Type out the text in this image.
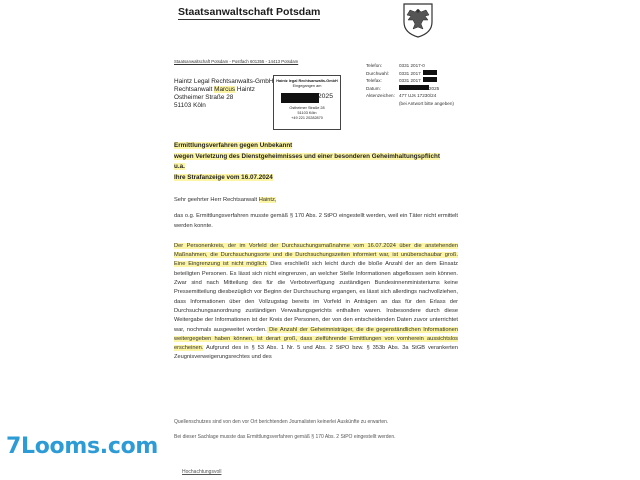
Staatsanwaltschaft Potsdam
Staatsanwaltschaft Potsdam - Postfach 601355 - 14413 Potsdam
Haintz Legal Rechtsanwalts-GmbH
Rechtsanwalt Marcus Haintz
Ostheimer Straße 28
51103 Köln
Haintz legal Rechtsanwalts-GmbH
Eingegangen am
2025
Ostheimer Straße 28
51103 Köln
+49 221 20282870
Telefon:	0331 2017-0
Durchwahl:	0331 2017
Telefax:	0331 2017
Datum:	2025
Aktenzeichen: 477 UJs 17230/24
(bei Antwort bitte angeben)
Ermittlungsverfahren gegen Unbekannt
wegen Verletzung des Dienstgeheimnisses und einer besonderen Geheimhaltungspflicht
u.a.
Ihre Strafanzeige vom 16.07.2024

Sehr geehrter Herr Rechtsanwalt Haintz,

das o.g. Ermittlungsverfahren musste gemäß § 170 Abs. 2 StPO eingestellt werden, weil ein Täter nicht ermittelt werden konnte.

Der Personenkreis, der im Vorfeld der Durchsuchungsmaßnahme vom 16.07.2024 über die anstehenden Maßnahmen, die Durchsuchungsorte und die Durchsuchungszeiten informiert war, ist unüberschaubar groß. Eine Eingrenzung ist nicht möglich. Dies erschließt sich leicht durch die bloße Anzahl der an dem Einsatz beteiligten Personen. Es lässt sich nicht eingrenzen, an welcher Stelle Informationen abgeflossen sein können. Zwar sind nach Mitteilung des für die Verbotsverfügung zuständigen Bundesinnenministeriums keine Pressemitteilung diesbezüglich vor Beginn der Durchsuchung ergangen, es lässt sich allerdings nachvollziehen, dass Informationen über den Vollzugstag bereits im Vorfeld in Anträgen an das für den Erlass der Durchsuchungsanordnung zuständigen Verwaltungsgerichts enthalten waren. Insbesondere durch diese Weitergabe der Informationen ist der Kreis der Personen, der von den entscheidenden Daten zuvor unterrichtet war, nochmals ausgeweitet worden. Die Anzahl der Geheimnisträger, die die gegenständlichen Informationen weitergegeben haben können, ist derart groß, dass zielführende Ermittlungen von vornherein aussichtslos erscheinen. Aufgrund des in § 53 Abs. 1 Nr. 5 und Abs. 2 StPO bzw. § 353b Abs. 3a StGB verankerten Zeugnisverweigerungsrechtes und des

Quellenschutzes sind von den vor Ort berichtenden Journalisten keinerlei Auskünfte zu erwarten.

Bei dieser Sachlage musste das Ermittlungsverfahren gemäß § 170 Abs. 2 StPO eingestellt werden.

Hochachtungsvoll
7Looms.com
